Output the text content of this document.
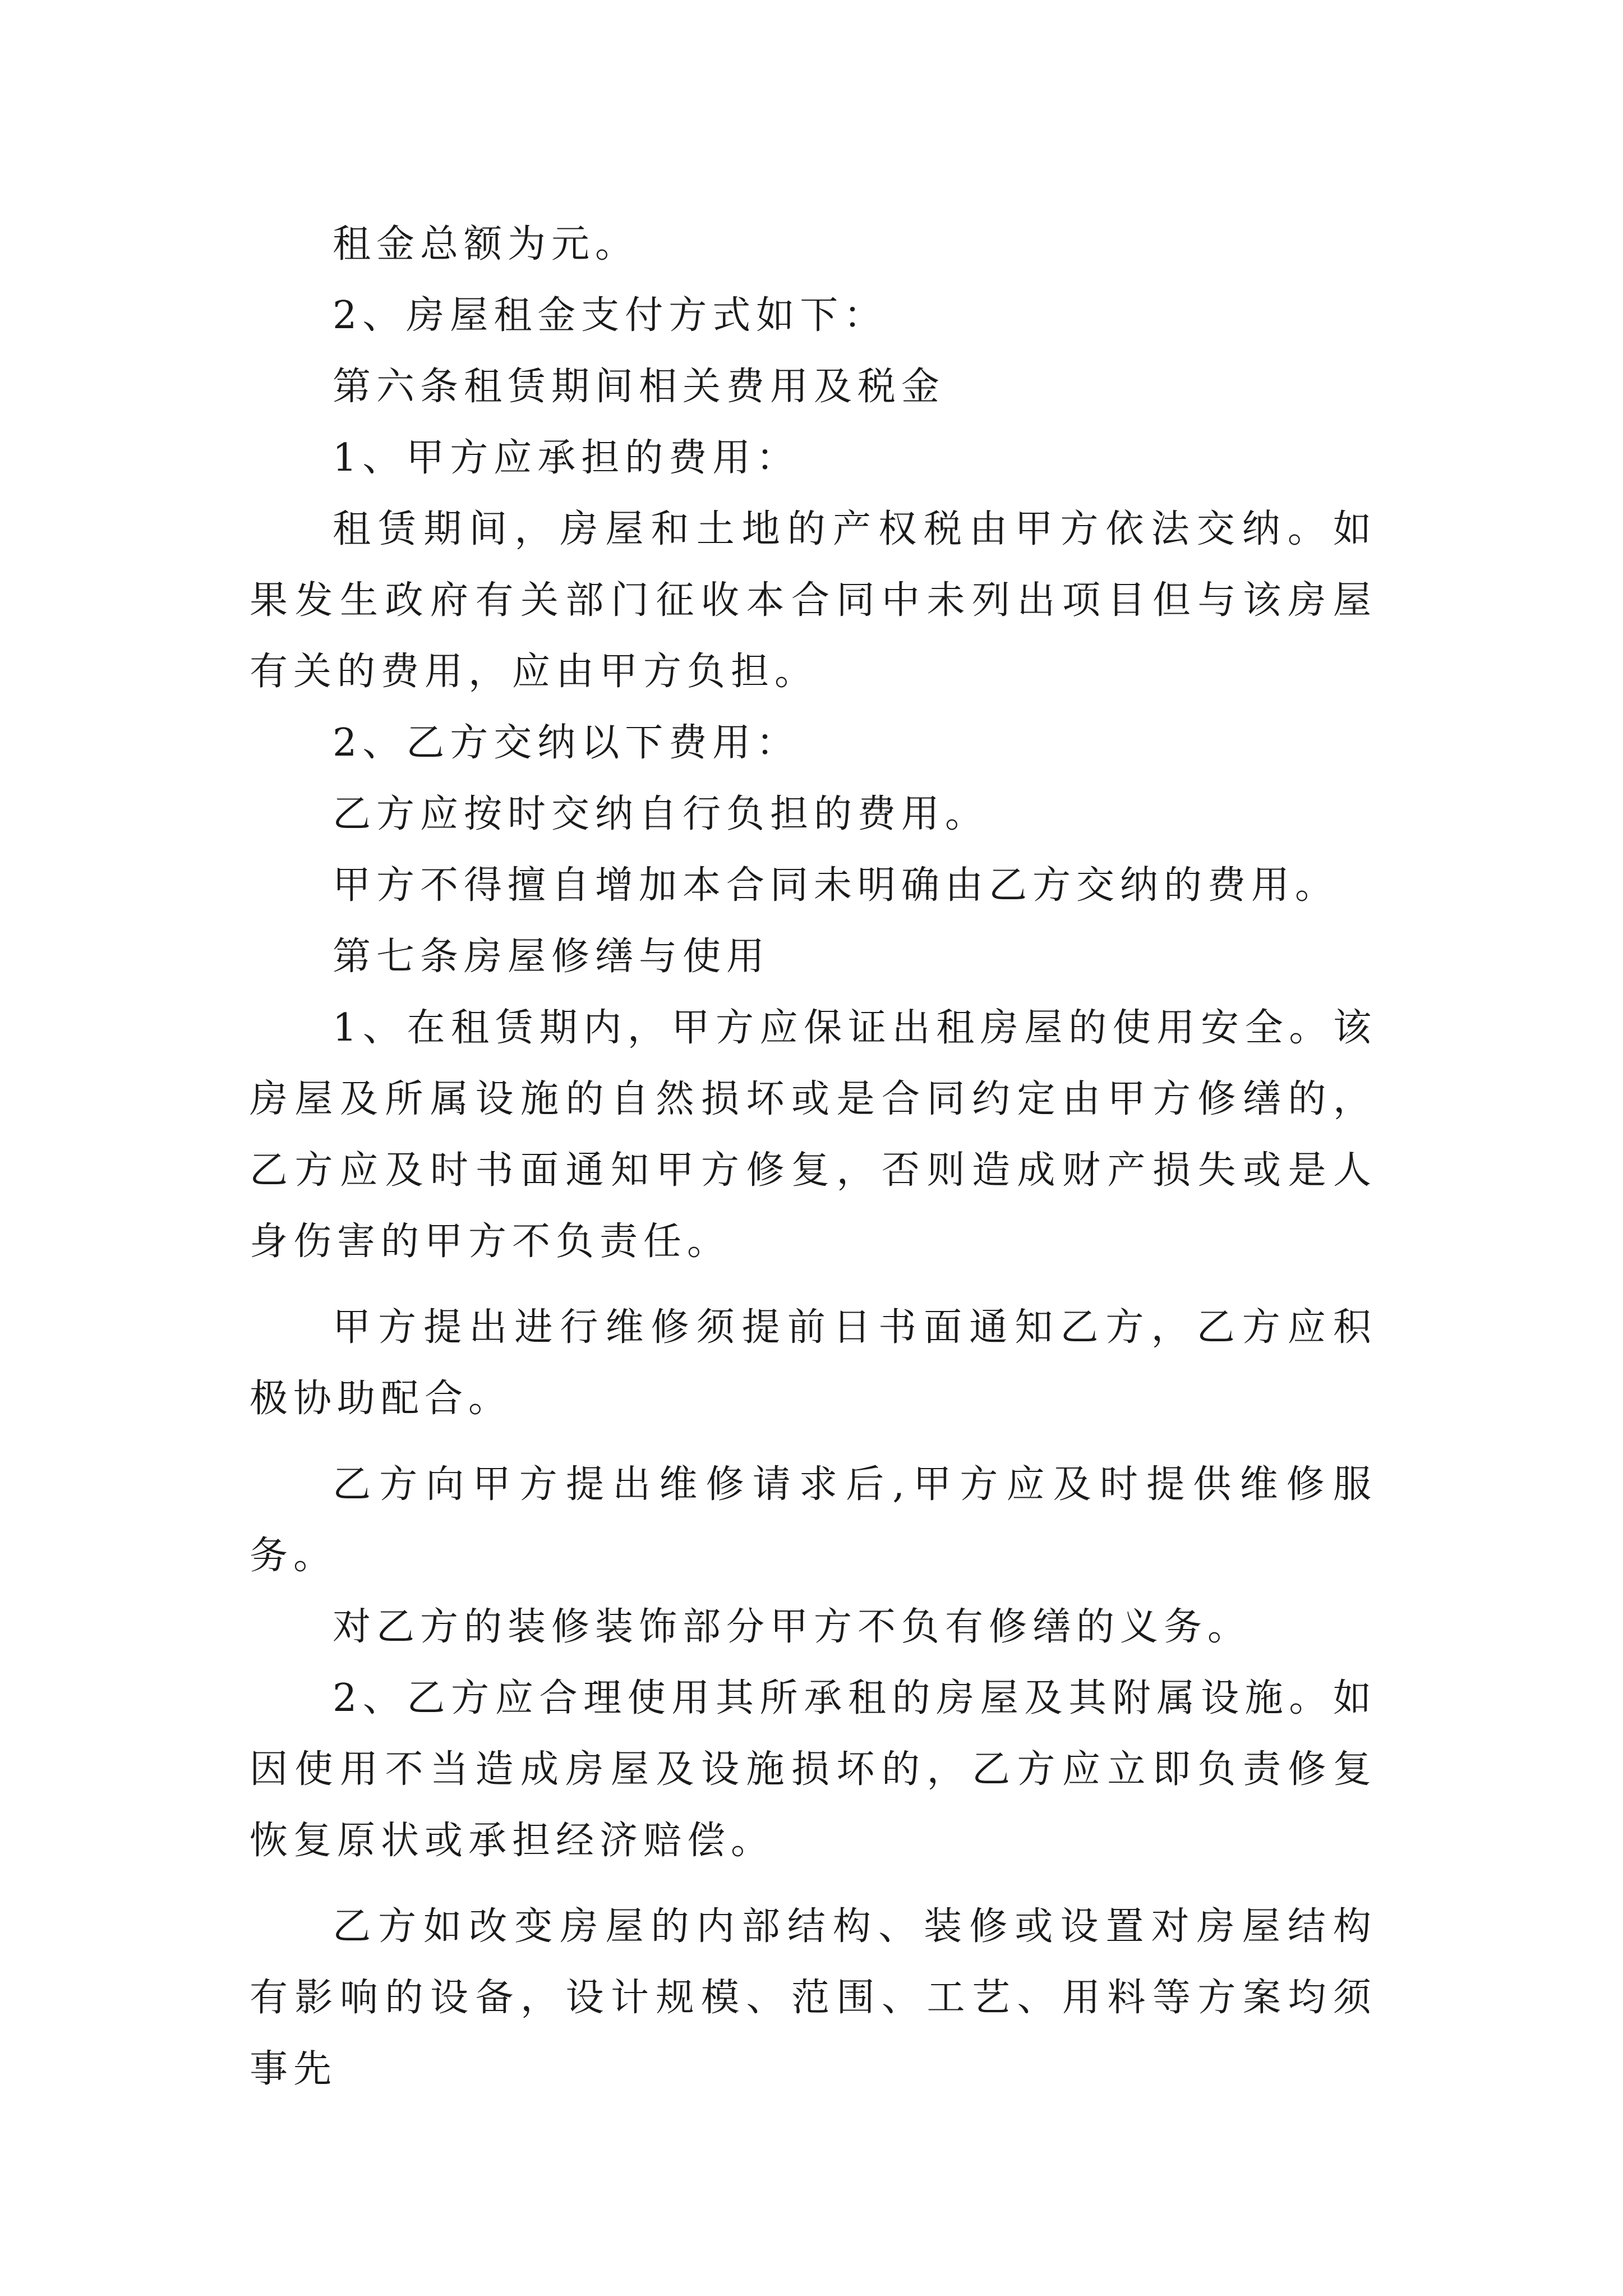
租金总额为元。

2、房屋租金支付方式如下：

第六条租赁期间相关费用及税金

1、甲方应承担的费用：

租赁期间，房屋和土地的产权税由甲方依法交纳。如果发生政府有关部门征收本合同中未列出项目但与该房屋有关的费用，应由甲方负担。

2、乙方交纳以下费用：

乙方应按时交纳自行负担的费用。

甲方不得擅自增加本合同未明确由乙方交纳的费用。

第七条房屋修缮与使用

1、在租赁期内，甲方应保证出租房屋的使用安全。该房屋及所属设施的自然损坏或是合同约定由甲方修缮的，乙方应及时书面通知甲方修复，否则造成财产损失或是人身伤害的甲方不负责任。

甲方提出进行维修须提前日书面通知乙方，乙方应积极协助配合。

乙方向甲方提出维修请求后,甲方应及时提供维修服务。

对乙方的装修装饰部分甲方不负有修缮的义务。

2、乙方应合理使用其所承租的房屋及其附属设施。如因使用不当造成房屋及设施损坏的，乙方应立即负责修复恢复原状或承担经济赔偿。

乙方如改变房屋的内部结构、装修或设置对房屋结构有影响的设备，设计规模、范围、工艺、用料等方案均须事先
